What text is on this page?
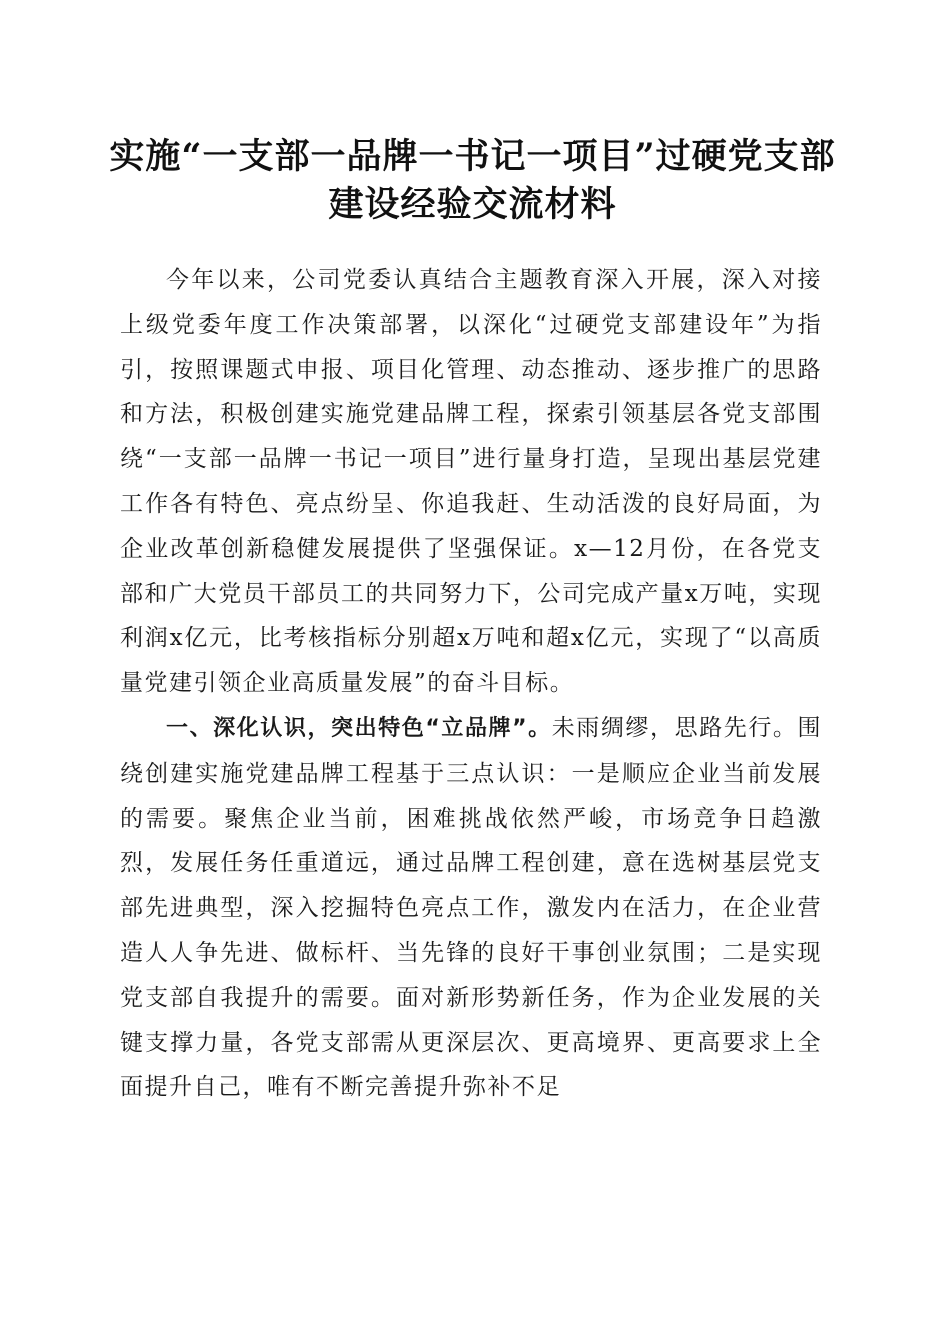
实施“一支部一品牌一书记一项目”过硬党支部建设经验交流材料

今年以来，公司党委认真结合主题教育深入开展，深入对接上级党委年度工作决策部署，以深化“过硬党支部建设年”为指引，按照课题式申报、项目化管理、动态推动、逐步推广的思路和方法，积极创建实施党建品牌工程，探索引领基层各党支部围绕“一支部一品牌一书记一项目”进行量身打造，呈现出基层党建工作各有特色、亮点纷呈、你追我赶、生动活泼的良好局面，为企业改革创新稳健发展提供了坚强保证。x—12月份，在各党支部和广大党员干部员工的共同努力下，公司完成产量x万吨，实现利润x亿元，比考核指标分别超x万吨和超x亿元，实现了“以高质量党建引领企业高质量发展”的奋斗目标。

一、深化认识，突出特色“立品牌”。未雨绸缪，思路先行。围绕创建实施党建品牌工程基于三点认识：一是顺应企业当前发展的需要。聚焦企业当前，困难挑战依然严峻，市场竞争日趋激烈，发展任务任重道远，通过品牌工程创建，意在选树基层党支部先进典型，深入挖掘特色亮点工作，激发内在活力，在企业营造人人争先进、做标杆、当先锋的良好干事创业氛围；二是实现党支部自我提升的需要。面对新形势新任务，作为企业发展的关键支撑力量，各党支部需从更深层次、更高境界、更高要求上全面提升自己，唯有不断完善提升弥补不足
